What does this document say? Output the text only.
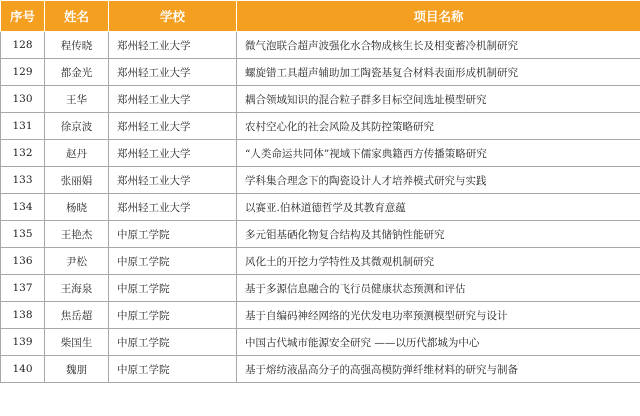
序号	姓名	学校	项目名称
128	程传晓	郑州轻工业大学	微气泡联合超声波强化水合物成核生长及相变蓄冷机制研究
129	都金光	郑州轻工业大学	螺旋错工具超声辅助加工陶瓷基复合材料表面形成机制研究
130	王华	郑州轻工业大学	耦合领域知识的混合粒子群多目标空间选址模型研究
131	徐京波	郑州轻工业大学	农村空心化的社会风险及其防控策略研究
132	赵丹	郑州轻工业大学	“人类命运共同体”视域下儒家典籍西方传播策略研究
133	张丽娟	郑州轻工业大学	学科集合理念下的陶瓷设计人才培养模式研究与实践
134	杨晓	郑州轻工业大学	以赛亚.伯林道德哲学及其教育意蕴
135	王艳杰	中原工学院	多元钼基硒化物复合结构及其储钠性能研究
136	尹松	中原工学院	风化土的开挖力学特性及其微观机制研究
137	王海泉	中原工学院	基于多源信息融合的飞行员健康状态预测和评估
138	焦岳超	中原工学院	基于自编码神经网络的光伏发电功率预测模型研究与设计
139	柴国生	中原工学院	中国古代城市能源安全研究 ——以历代都城为中心
140	魏朋	中原工学院	基于熔纺液晶高分子的高强高模防弹纤维材料的研究与制备
